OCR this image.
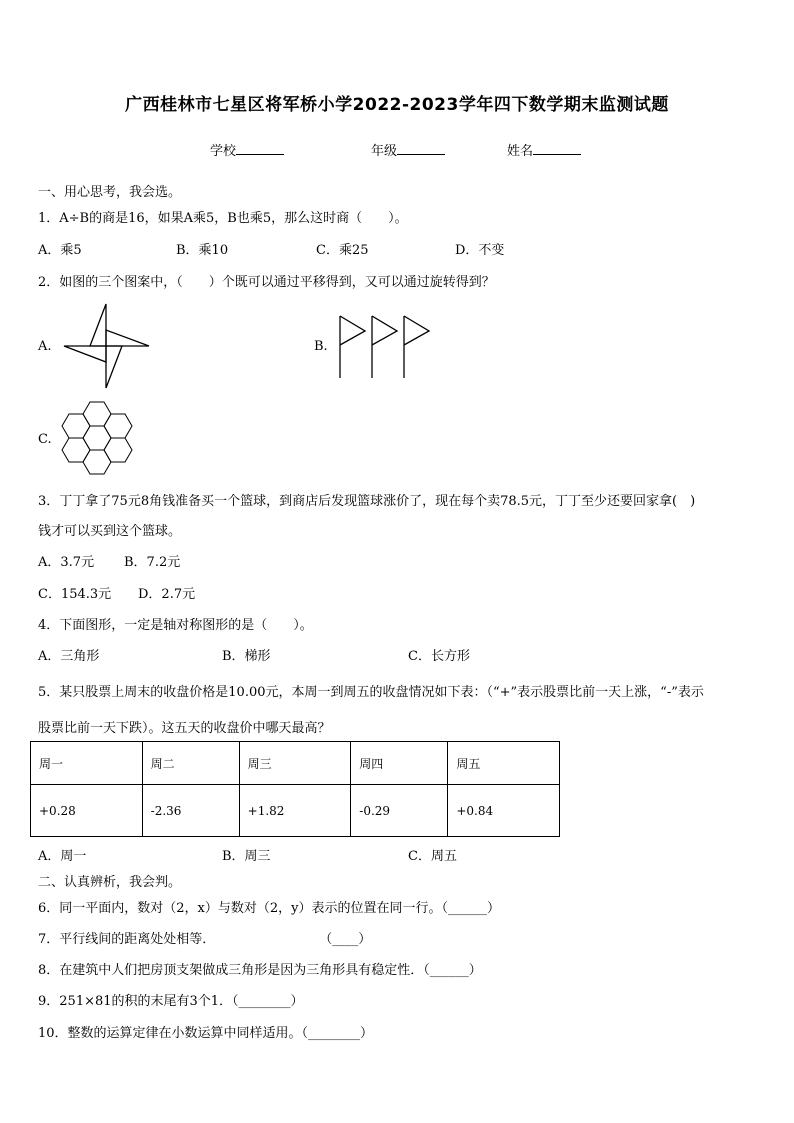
广西桂林市七星区将军桥小学2022-2023学年四下数学期末监测试题
学校	年级	姓名
一、用心思考，我会选。
1．A÷B的商是16，如果A乘5，B也乘5，那么这时商（　　）。
A．乘5	B．乘10	C．乘25	D．不变
2．如图的三个图案中，（　　）个既可以通过平移得到，又可以通过旋转得到？
A.	B.
C.
3．丁丁拿了75元8角钱准备买一个篮球，到商店后发现篮球涨价了，现在每个卖78.5元，丁丁至少还要回家拿(　)
钱才可以买到这个篮球。
A．3.7元 B．7.2元
C．154.3元 D．2.7元
4．下面图形，一定是轴对称图形的是（　　）。
A．三角形	B．梯形	C．长方形
5．某只股票上周末的收盘价格是10.00元，本周一到周五的收盘情况如下表：（“+”表示股票比前一天上涨，“-”表示
股票比前一天下跌）。这五天的收盘价中哪天最高？
周一	周二	周三	周四	周五
+0.28	-2.36	+1.82	-0.29	+0.84
A．周一	B．周三	C．周五
二、认真辨析，我会判。
6．同一平面内，数对（2，x）与数对（2，y）表示的位置在同一行。（______）
7．平行线间的距离处处相等．　　　　　　　　　（____）
8．在建筑中人们把房顶支架做成三角形是因为三角形具有稳定性．（______）
9．251×81的积的末尾有3个1．（________）
10．整数的运算定律在小数运算中同样适用。（________）
